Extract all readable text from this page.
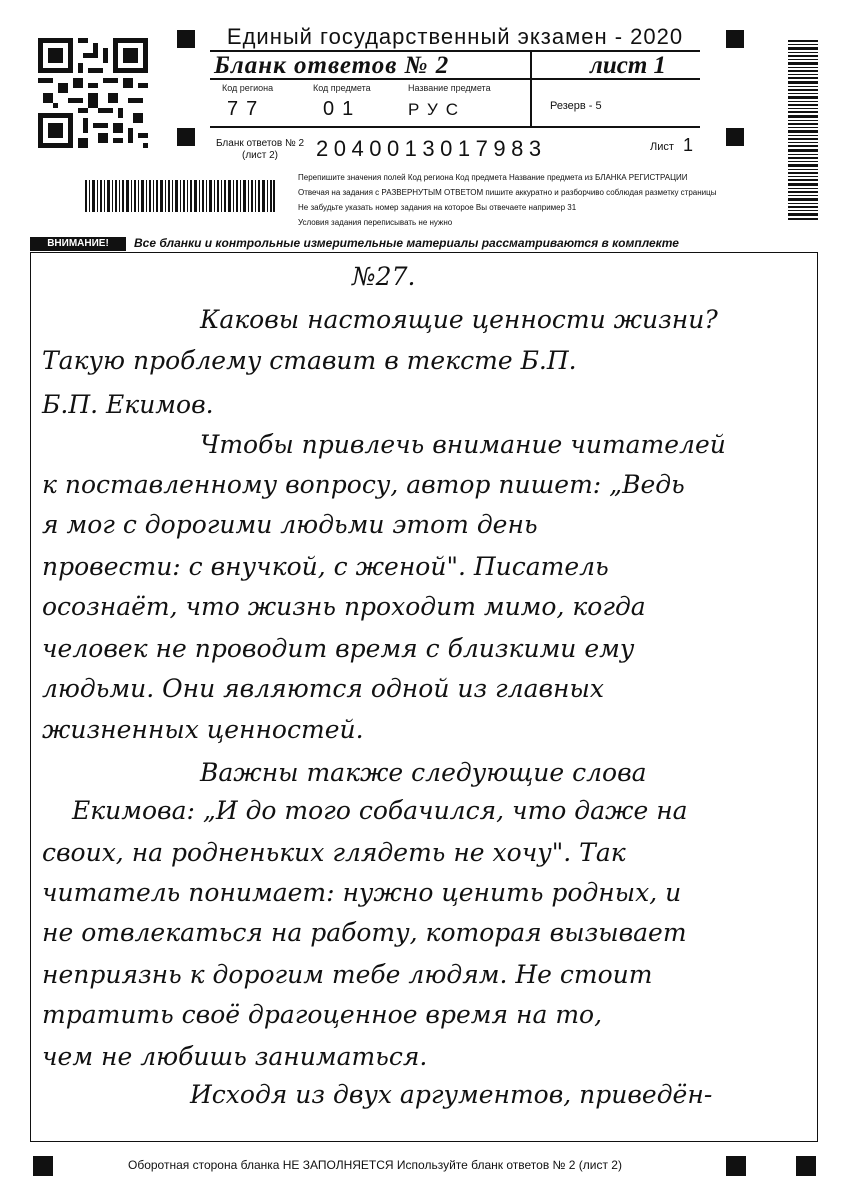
Единый государственный экзамен - 2020
Бланк ответов № 2	лист 1
Код региона
77
Код предмета
01
Название предмета
РУС	Резерв - 5
Бланк ответов № 2
(лист 2)	2040013017983	Лист 1
Перепишите значения полей Код региона Код предмета Название предмета из БЛАНКА РЕГИСТРАЦИИ
Отвечая на задания с РАЗВЕРНУТЫМ ОТВЕТОМ пишите аккуратно и разборчиво соблюдая разметку страницы
Не забудьте указать номер задания на которое Вы отвечаете например 31
Условия задания переписывать не нужно
ВНИМАНИЕ!	Все бланки и контрольные измерительные материалы рассматриваются в комплекте
№27.
Каковы настоящие ценности жизни?
Такую проблему ставит в тексте Б.П.
Б.П. Екимов.
Чтобы привлечь внимание читателей
к поставленному вопросу, автор пишет: „Ведь
я мог с дорогими людьми этот день
провести: с внучкой, с женой". Писатель
осознаёт, что жизнь проходит мимо, когда
человек не проводит время с близкими ему
людьми. Они являются одной из главных
жизненных ценностей.
Важны также следующие слова
Екимова: „И до того собачился, что даже на
своих, на родненьких глядеть не хочу". Так
читатель понимает: нужно ценить родных, и
не отвлекаться на работу, которая вызывает
неприязнь к дорогим тебе людям. Не стоит
тратить своё драгоценное время на то,
чем не любишь заниматься.
Исходя из двух аргументов, приведён-
Оборотная сторона бланка НЕ ЗАПОЛНЯЕТСЯ Используйте бланк ответов № 2 (лист 2)
